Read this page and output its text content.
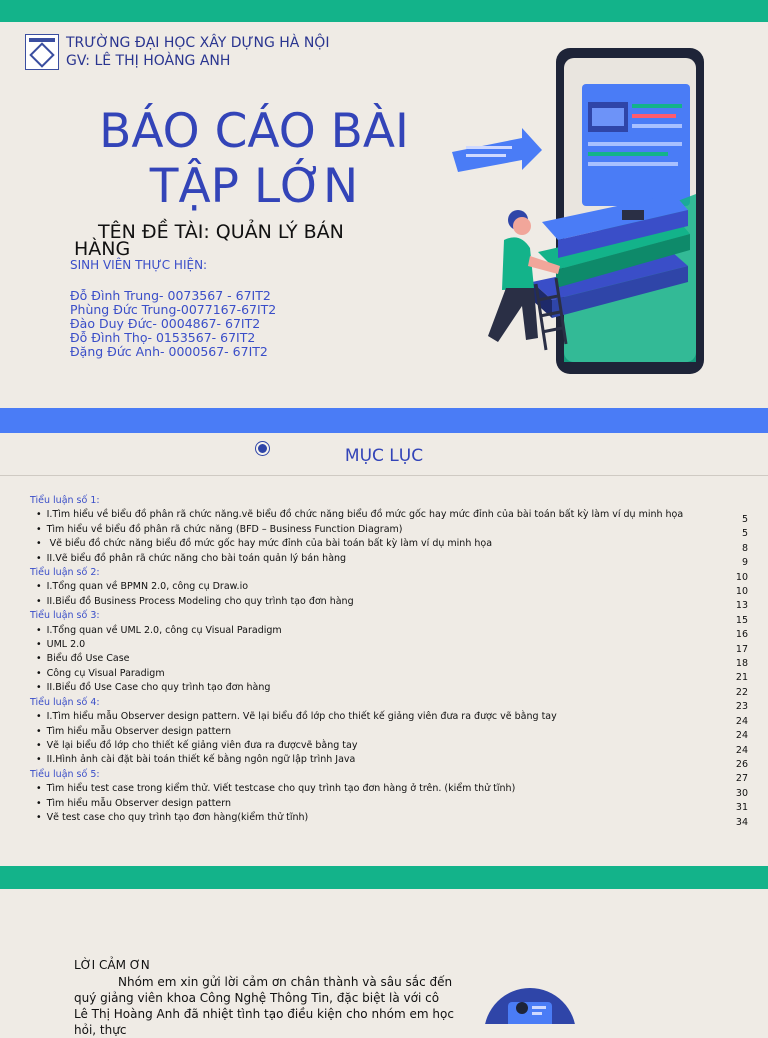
TRƯỜNG ĐẠI HỌC XÂY DỰNG HÀ NỘI
GV: LÊ THỊ HOÀNG ANH
BÁO CÁO BÀI
TẬP LỚN
TÊN ĐỀ TÀI: QUẢN LÝ BÁN
HÀNG
SINH VIÊN THỰC HIỆN:
Đỗ Đình Trung- 0073567 - 67IT2
Phùng Đức Trung-0077167-67IT2
Đào Duy Đức- 0004867- 67IT2
Đỗ Đình Thọ- 0153567- 67IT2
Đặng Đức Anh- 0000567- 67IT2
MỤC LỤC
Tiểu luận số 1:
• I.Tìm hiểu về biểu đồ phân rã chức năng.vẽ biểu đồ chức năng biểu đồ mức gốc hay mức đỉnh của bài toán bất kỳ làm ví dụ minh họa
• Tìm hiểu về biểu đồ phân rã chức năng (BFD – Business Function Diagram)
• Vẽ biểu đồ chức năng biểu đồ mức gốc hay mức đỉnh của bài toán bất kỳ làm ví dụ minh họa
• II.Vẽ biểu đồ phân rã chức năng cho bài toán quản lý bán hàng
Tiểu luận số 2:
• I.Tổng quan về BPMN 2.0, công cụ Draw.io
• II.Biểu đồ Business Process Modeling cho quy trình tạo đơn hàng
Tiểu luận số 3:
• I.Tổng quan về UML 2.0, công cụ Visual Paradigm
• UML 2.0
• Biểu đồ Use Case
• Công cụ Visual Paradigm
• II.Biểu đồ Use Case cho quy trình tạo đơn hàng
Tiểu luận số 4:
• I.Tìm hiểu mẫu Observer design pattern. Vẽ lại biểu đồ lớp cho thiết kế giảng viên đưa ra được vẽ bằng tay
• Tìm hiểu mẫu Observer design pattern
• Vẽ lại biểu đồ lớp cho thiết kế giảng viên đưa ra đượcvẽ bằng tay
• II.Hình ảnh cài đặt bài toán thiết kế bằng ngôn ngữ lập trình Java
Tiểu luận số 5:
• Tìm hiểu test case trong kiểm thử. Viết testcase cho quy trình tạo đơn hàng ở trên. (kiểm thử tĩnh)
• Tìm hiểu mẫu Observer design pattern
• Vẽ test case cho quy trình tạo đơn hàng(kiểm thử tĩnh)
5
5
8
9
10
10
13
15
16
17
18
21
22
23
24
24
24
26
27
30
31
34
LỜI CẢM ƠN
Nhóm em xin gửi lời cảm ơn chân thành và sâu sắc đến quý giảng viên khoa Công Nghệ Thông Tin, đặc biệt là với cô Lê Thị Hoàng Anh đã nhiệt tình tạo điều kiện cho nhóm em học hỏi, thực
